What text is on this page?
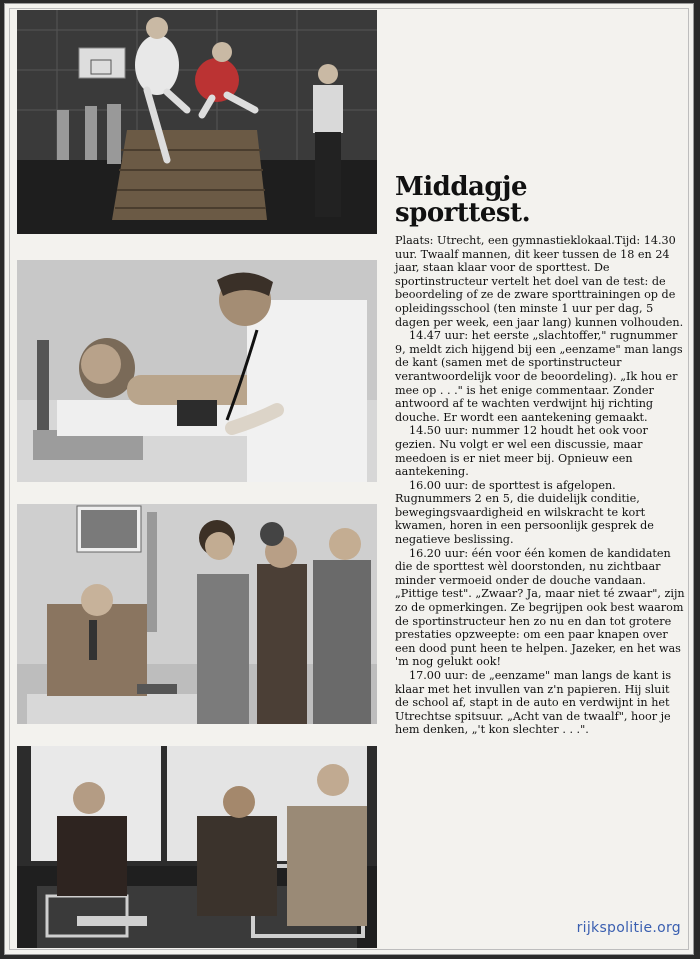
Middagje
sporttest.

Plaats: Utrecht, een gymnastieklokaal.Tijd: 14.30 uur. Twaalf mannen, dit keer tussen de 18 en 24 jaar, staan klaar voor de sporttest. De sportinstructeur vertelt het doel van de test: de beoordeling of ze de zware sporttrainingen op de opleidingsschool (ten minste 1 uur per dag, 5 dagen per week, een jaar lang) kunnen volhouden.

14.47 uur: het eerste „slachtoffer," rugnummer 9, meldt zich hijgend bij een „eenzame" man langs de kant (samen met de sportinstructeur verantwoordelijk voor de beoordeling). „Ik hou er mee op . . ." is het enige commentaar. Zonder antwoord af te wachten verdwijnt hij richting douche. Er wordt een aantekening gemaakt.

14.50 uur: nummer 12 houdt het ook voor gezien. Nu volgt er wel een discussie, maar meedoen is er niet meer bij. Opnieuw een aantekening.

16.00 uur: de sporttest is afgelopen. Rugnummers 2 en 5, die duidelijk conditie, bewegingsvaardigheid en wilskracht te kort kwamen, horen in een persoonlijk gesprek de negatieve beslissing.

16.20 uur: één voor één komen de kandidaten die de sporttest wèl doorstonden, nu zichtbaar minder vermoeid onder de douche vandaan. „Pittige test". „Zwaar? Ja, maar niet té zwaar", zijn zo de opmerkingen. Ze begrijpen ook best waarom de sportinstructeur hen zo nu en dan tot grotere prestaties opzweepte: om een paar knapen over een dood punt heen te helpen. Jazeker, en het was 'm nog gelukt ook!

17.00 uur: de „eenzame" man langs de kant is klaar met het invullen van z'n papieren. Hij sluit de school af, stapt in de auto en verdwijnt in het Utrechtse spitsuur. „Acht van de twaalf", hoor je hem denken, „'t kon slechter . . .".

rijkspolitie.org
